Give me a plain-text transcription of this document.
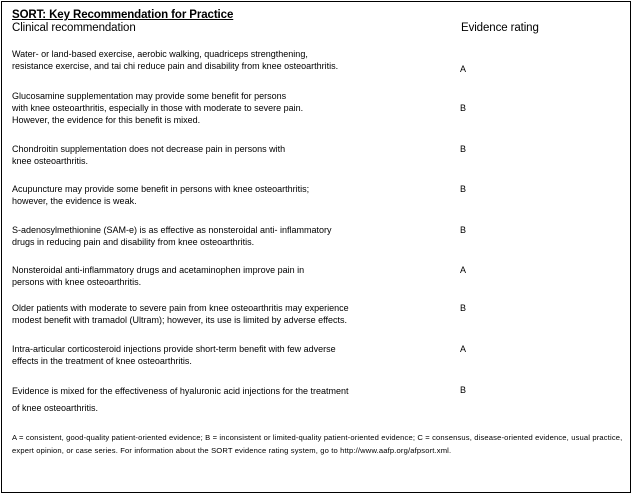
SORT: Key Recommendation for Practice
Clinical recommendation	Evidence rating
Water- or land-based exercise, aerobic walking, quadriceps strengthening,
resistance exercise, and tai chi reduce pain and disability from knee osteoarthritis.	A
Glucosamine supplementation may provide some benefit for persons
with knee osteoarthritis, especially in those with moderate to severe pain.
However, the evidence for this benefit is mixed.
B
Chondroitin supplementation does not decrease pain in persons with
knee osteoarthritis.
B
Acupuncture may provide some benefit in persons with knee osteoarthritis;
however, the evidence is weak.
B
S-adenosylmethionine (SAM-e) is as effective as nonsteroidal anti- inflammatory
drugs in reducing pain and disability from knee osteoarthritis.
B
Nonsteroidal anti-inflammatory drugs and acetaminophen improve pain in
persons with knee osteoarthritis.
A
Older patients with moderate to severe pain from knee osteoarthritis may experience
modest benefit with tramadol (Ultram); however, its use is limited by adverse effects.
B
Intra-articular corticosteroid injections provide short-term benefit with few adverse
effects in the treatment of knee osteoarthritis.
A
Evidence is mixed for the effectiveness of hyaluronic acid injections for the treatment
of knee osteoarthritis.
B
A = consistent, good-quality patient-oriented evidence; B = inconsistent or limited-quality patient-oriented evidence; C = consensus, disease-oriented evidence, usual practice, expert opinion, or case series. For information about the SORT evidence rating system, go to http://www.aafp.org/afpsort.xml.
